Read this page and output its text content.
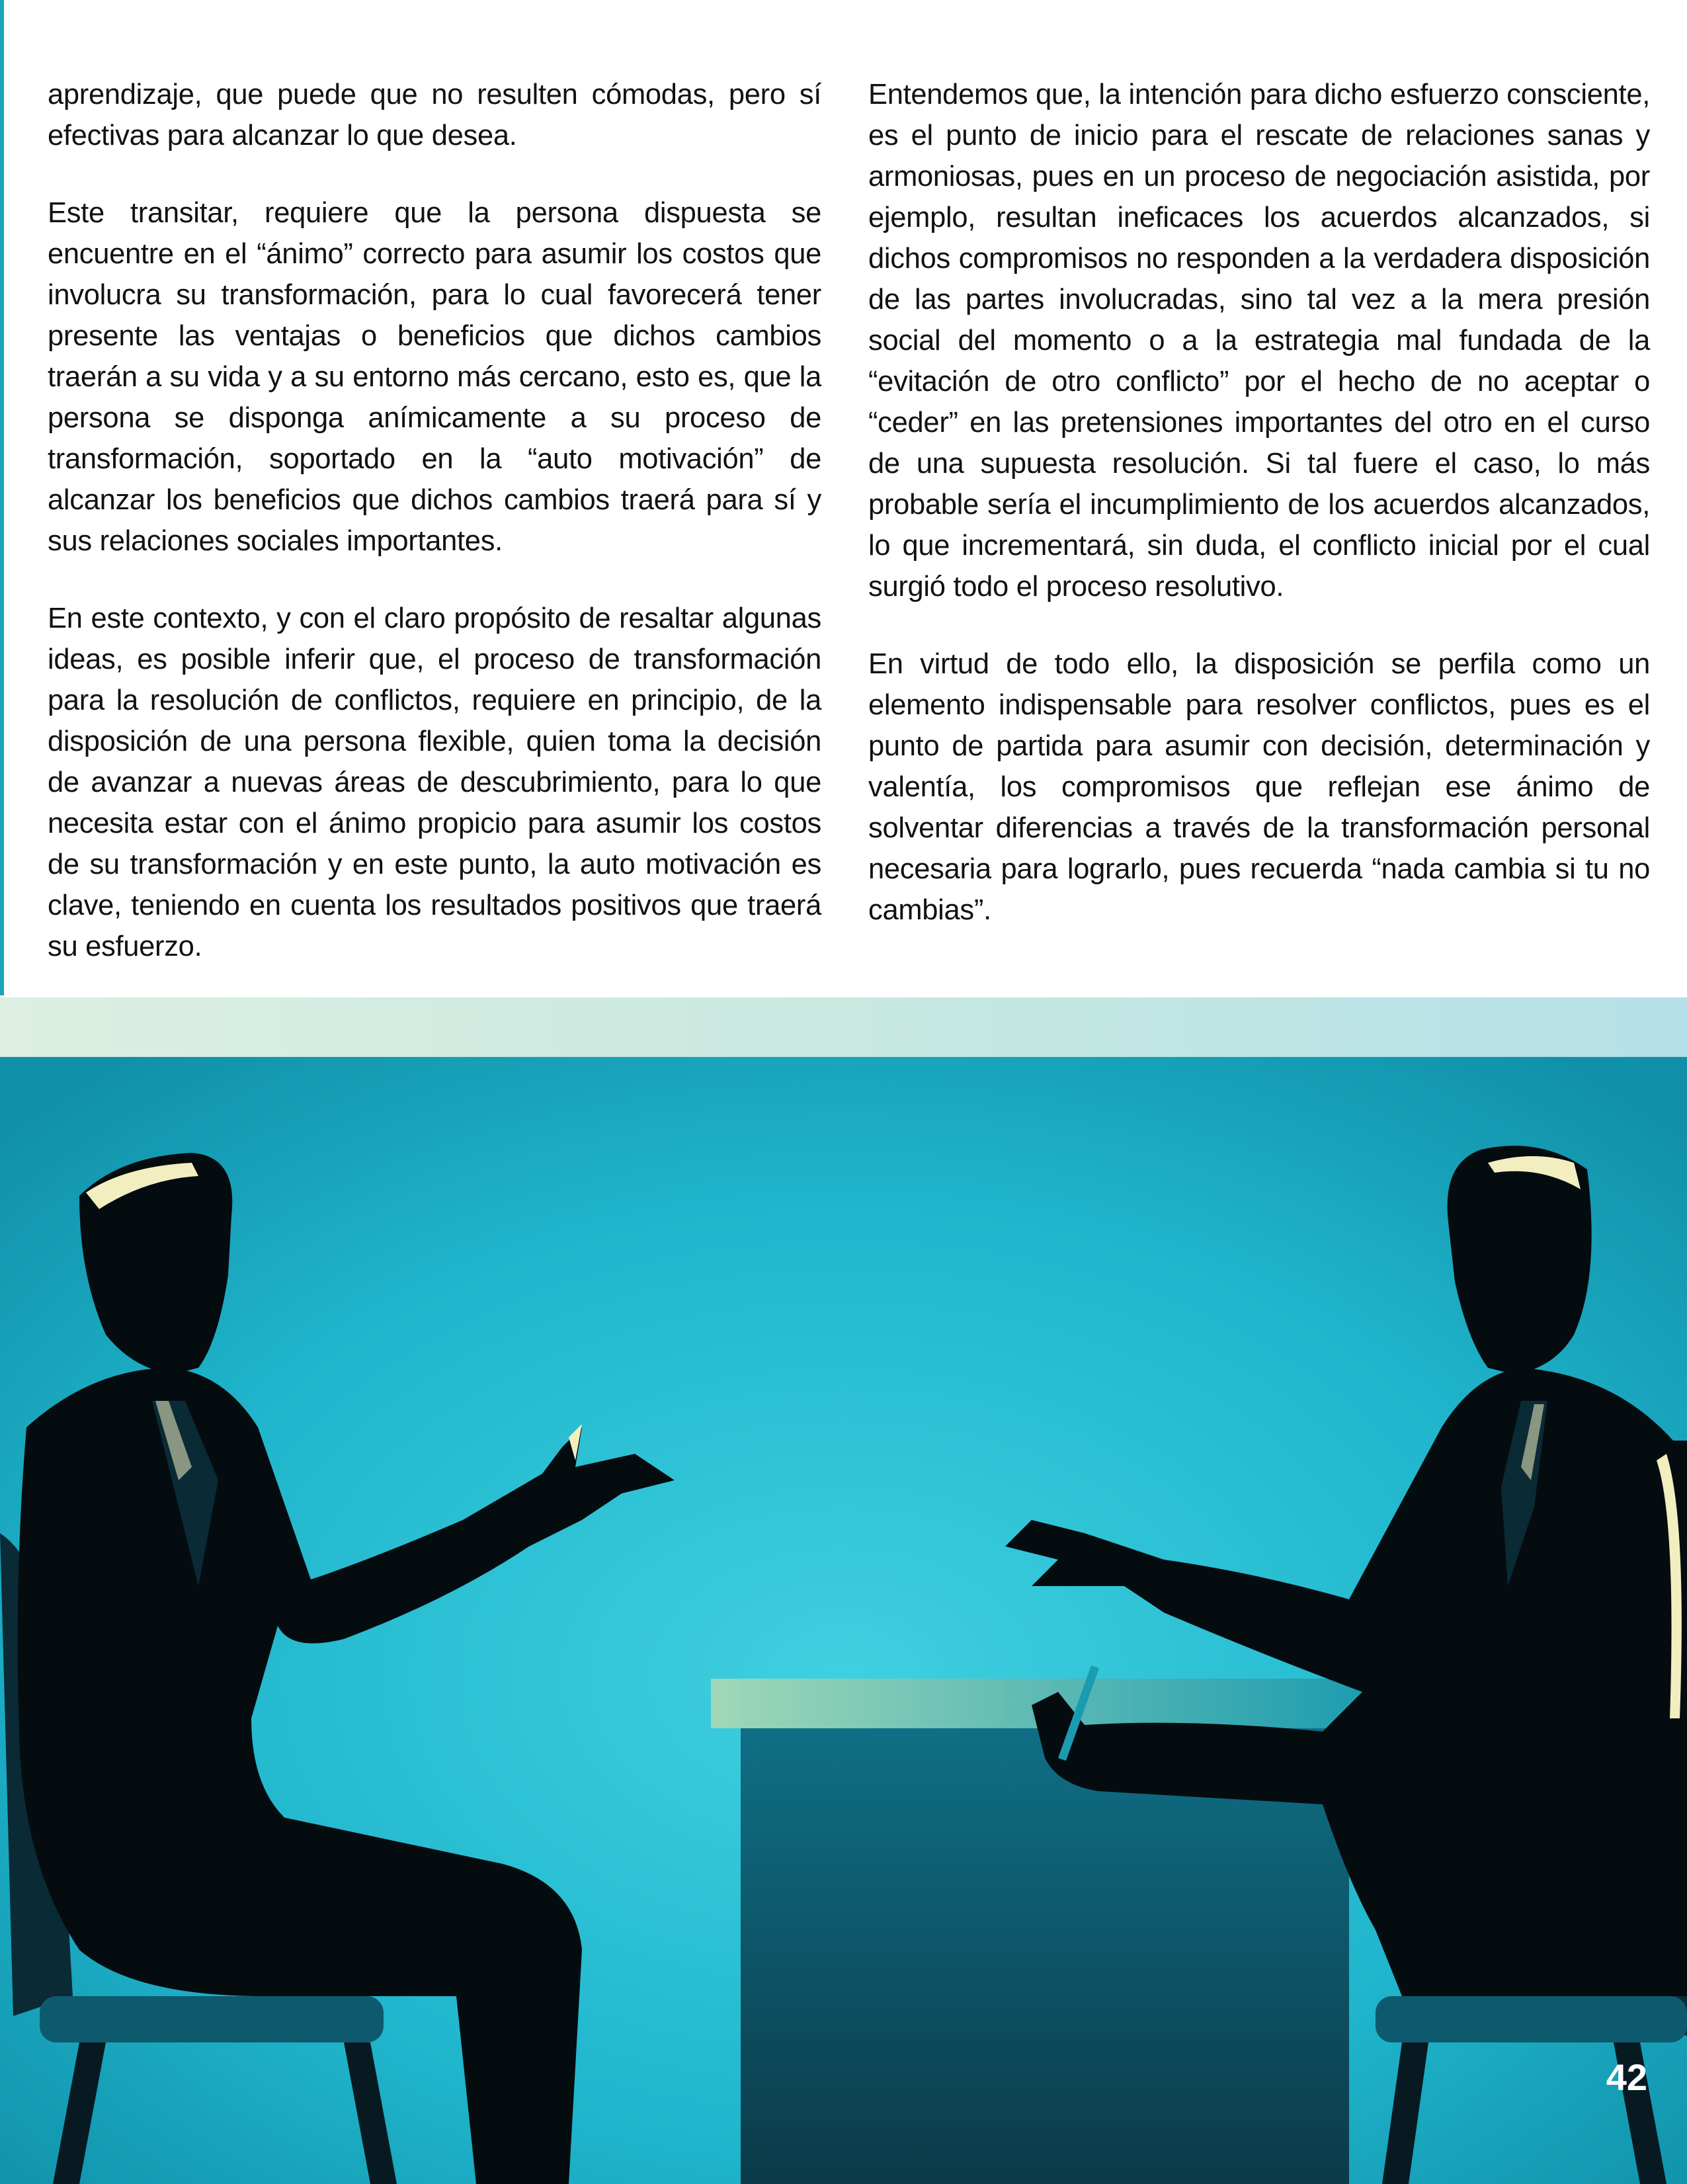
aprendizaje, que puede que no resulten cómodas, pero sí efectivas para alcanzar lo que desea.

Este transitar, requiere que la persona dispuesta se encuentre en el “ánimo” correcto para asumir los costos que involucra su transformación, para lo cual favorecerá tener presente las ventajas o beneficios que dichos cambios traerán a su vida y a su entorno más cercano, esto es, que la persona se disponga anímicamente a su proceso de transformación, soportado en la “auto motivación” de alcanzar los beneficios que dichos cambios traerá para sí y sus relaciones sociales importantes.

En este contexto, y con el claro propósito de resaltar algunas ideas, es posible inferir que, el proceso de transformación para la resolución de conflictos, requiere en principio, de la disposición de una persona flexible, quien toma la decisión de avanzar a nuevas áreas de descubrimiento, para lo que necesita estar con el ánimo propicio para asumir los costos de su transformación y en este punto, la auto motivación es clave, teniendo en cuenta los resultados positivos que traerá su esfuerzo.

Entendemos que, la intención para dicho esfuerzo consciente, es el punto de inicio para el rescate de relaciones sanas y armoniosas, pues en un proceso de negociación asistida, por ejemplo, resultan ineficaces los acuerdos alcanzados, si dichos compromisos no responden a la verdadera disposición de las partes involucradas, sino tal vez a la mera presión social del momento o a la estrategia mal fundada de la “evitación de otro conflicto” por el hecho de no aceptar o “ceder” en las pretensiones importantes del otro en el curso de una supuesta resolución. Si tal fuere el caso, lo más probable sería el incumplimiento de los acuerdos alcanzados, lo que incrementará, sin duda, el conflicto inicial por el cual surgió todo el proceso resolutivo.

En virtud de todo ello, la disposición se perfila como un elemento indispensable para resolver conflictos, pues es el punto de partida para asumir con decisión, determinación y valentía, los compromisos que reflejan ese ánimo de solventar diferencias a través de la transformación personal necesaria para lograrlo, pues recuerda “nada cambia si tu no cambias”.

42
